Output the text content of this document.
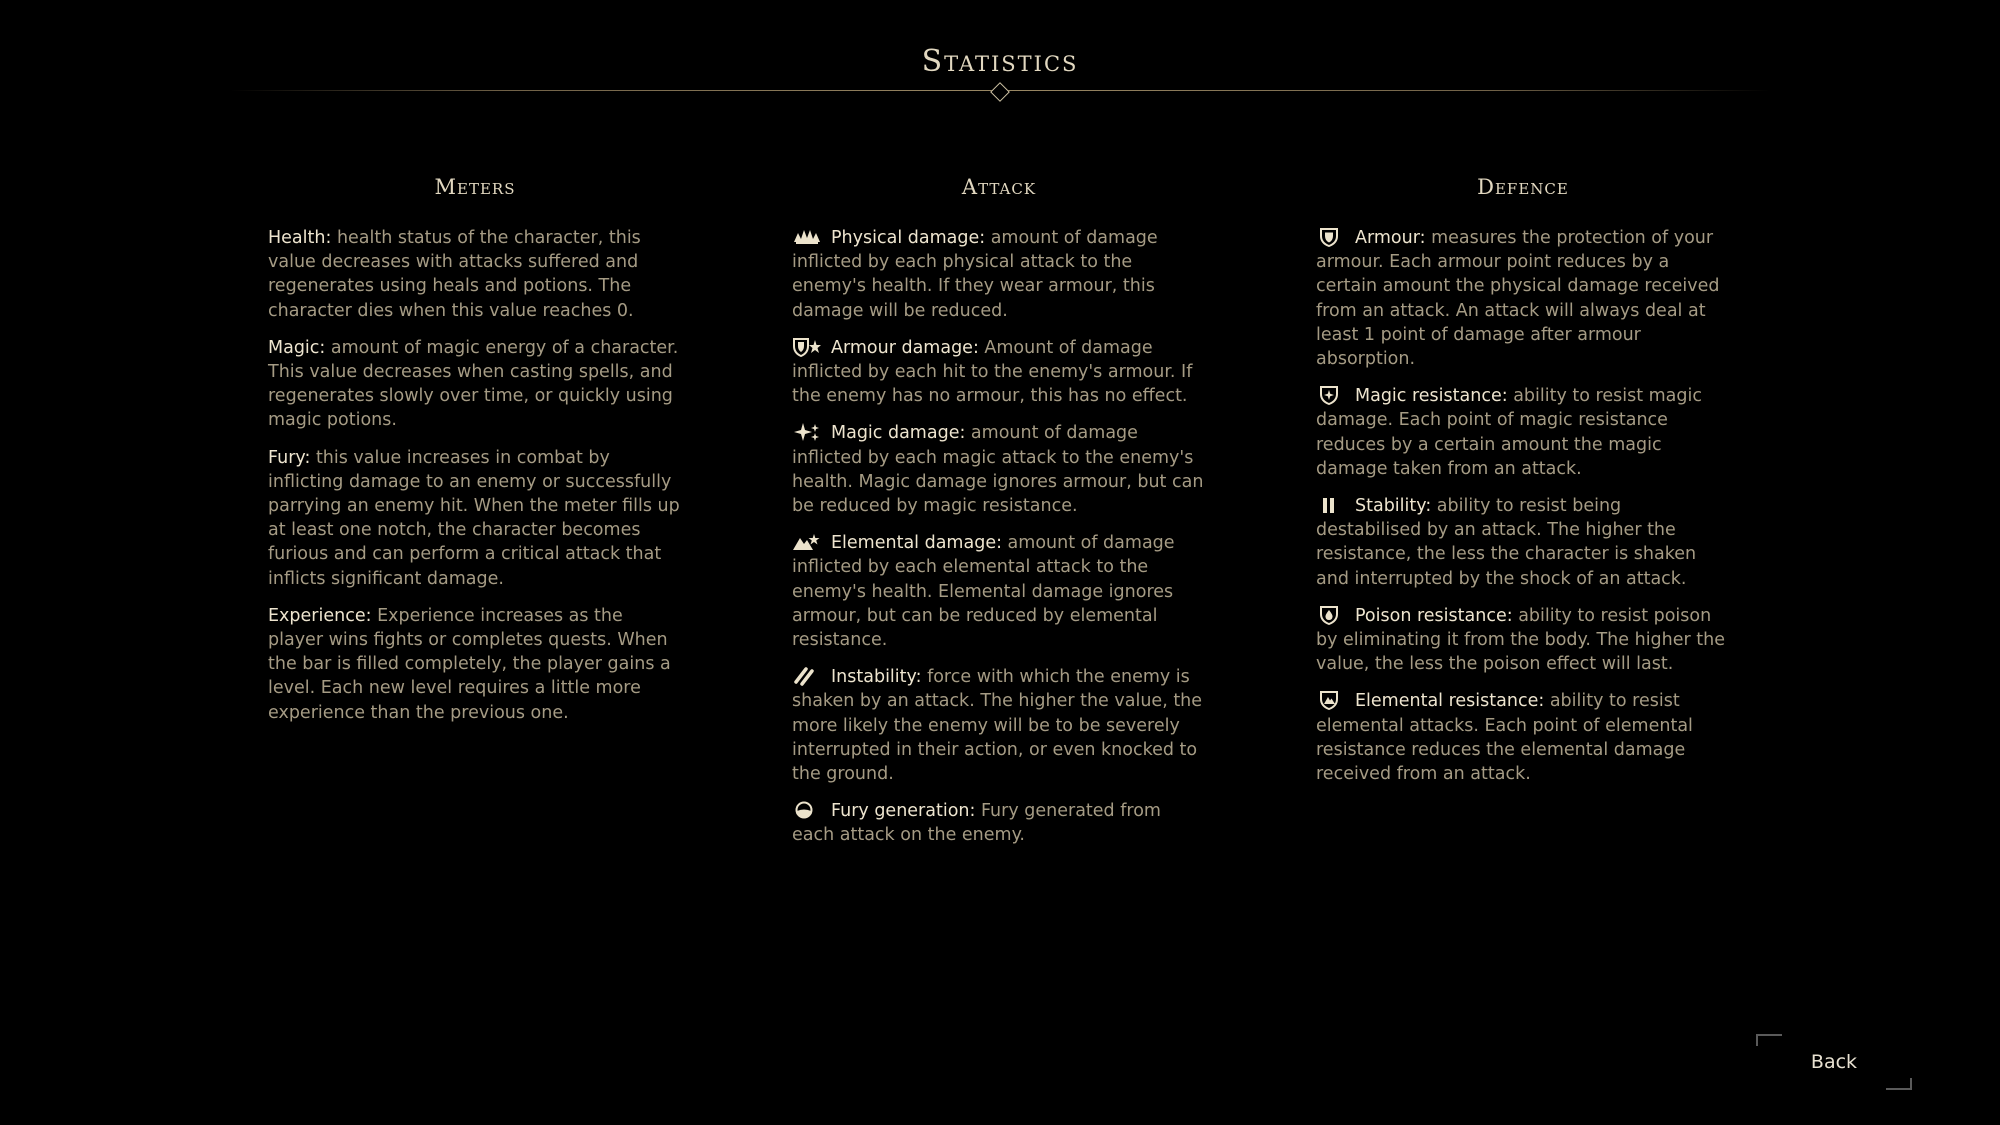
Statistics
Meters
Health: health status of the character, this value decreases with attacks suffered and regenerates using heals and potions. The character dies when this value reaches 0.
Magic: amount of magic energy of a character. This value decreases when casting spells, and regenerates slowly over time, or quickly using magic potions.
Fury: this value increases in combat by inflicting damage to an enemy or successfully parrying an enemy hit. When the meter fills up at least one notch, the character becomes furious and can perform a critical attack that inflicts significant damage.
Experience: Experience increases as the player wins fights or completes quests. When the bar is filled completely, the player gains a level. Each new level requires a little more experience than the previous one.
Attack
Physical damage: amount of damage inflicted by each physical attack to the enemy's health. If they wear armour, this damage will be reduced.
Armour damage: Amount of damage inflicted by each hit to the enemy's armour. If the enemy has no armour, this has no effect.
Magic damage: amount of damage inflicted by each magic attack to the enemy's health. Magic damage ignores armour, but can be reduced by magic resistance.
Elemental damage: amount of damage inflicted by each elemental attack to the enemy's health. Elemental damage ignores armour, but can be reduced by elemental resistance.
Instability: force with which the enemy is shaken by an attack. The higher the value, the more likely the enemy will be to be severely interrupted in their action, or even knocked to the ground.
Fury generation: Fury generated from each attack on the enemy.
Defence
Armour: measures the protection of your armour. Each armour point reduces by a certain amount the physical damage received from an attack. An attack will always deal at least 1 point of damage after armour absorption.
Magic resistance: ability to resist magic damage. Each point of magic resistance reduces by a certain amount the magic damage taken from an attack.
Stability: ability to resist being destabilised by an attack. The higher the resistance, the less the character is shaken and interrupted by the shock of an attack.
Poison resistance: ability to resist poison by eliminating it from the body. The higher the value, the less the poison effect will last.
Elemental resistance: ability to resist elemental attacks. Each point of elemental resistance reduces the elemental damage received from an attack.
Back
